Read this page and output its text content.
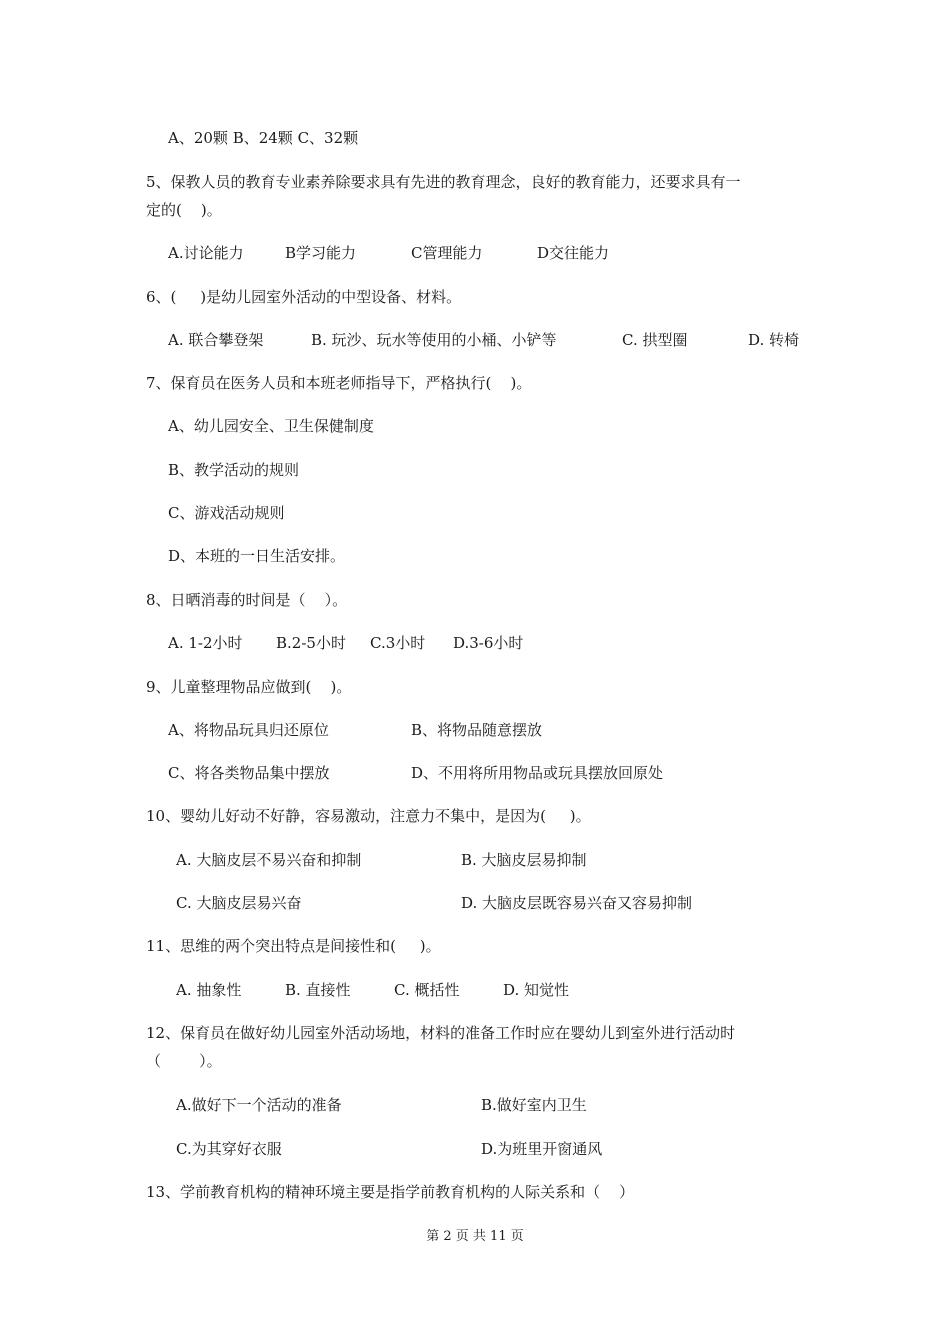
A、20颗 B、24颗 C、32颗
5、保教人员的教育专业素养除要求具有先进的教育理念，良好的教育能力，还要求具有一
定的(    )。
A.讨论能力	B学习能力	C管理能力	D交往能力
6、(     )是幼儿园室外活动的中型设备、材料。
A. 联合攀登架	B. 玩沙、玩水等使用的小桶、小铲等	C. 拱型圈	D. 转椅
7、保育员在医务人员和本班老师指导下，严格执行(    )。
A、幼儿园安全、卫生保健制度
B、教学活动的规则
C、游戏活动规则
D、本班的一日生活安排。
8、日晒消毒的时间是（    ）。
A. 1-2小时 B.2-5小时 C.3小时 D.3-6小时
9、儿童整理物品应做到(    )。
A、将物品玩具归还原位	B、将物品随意摆放
C、将各类物品集中摆放	D、不用将所用物品或玩具摆放回原处
10、婴幼儿好动不好静，容易激动，注意力不集中，是因为(     )。
A. 大脑皮层不易兴奋和抑制	B. 大脑皮层易抑制
C. 大脑皮层易兴奋	D. 大脑皮层既容易兴奋又容易抑制
11、思维的两个突出特点是间接性和(     )。
A. 抽象性	B. 直接性	C. 概括性	D. 知觉性
12、保育员在做好幼儿园室外活动场地，材料的准备工作时应在婴幼儿到室外进行活动时
（        ）。
A.做好下一个活动的准备	B.做好室内卫生
C.为其穿好衣服	D.为班里开窗通风
13、学前教育机构的精神环境主要是指学前教育机构的人际关系和（    ）
第 2 页 共 11 页
